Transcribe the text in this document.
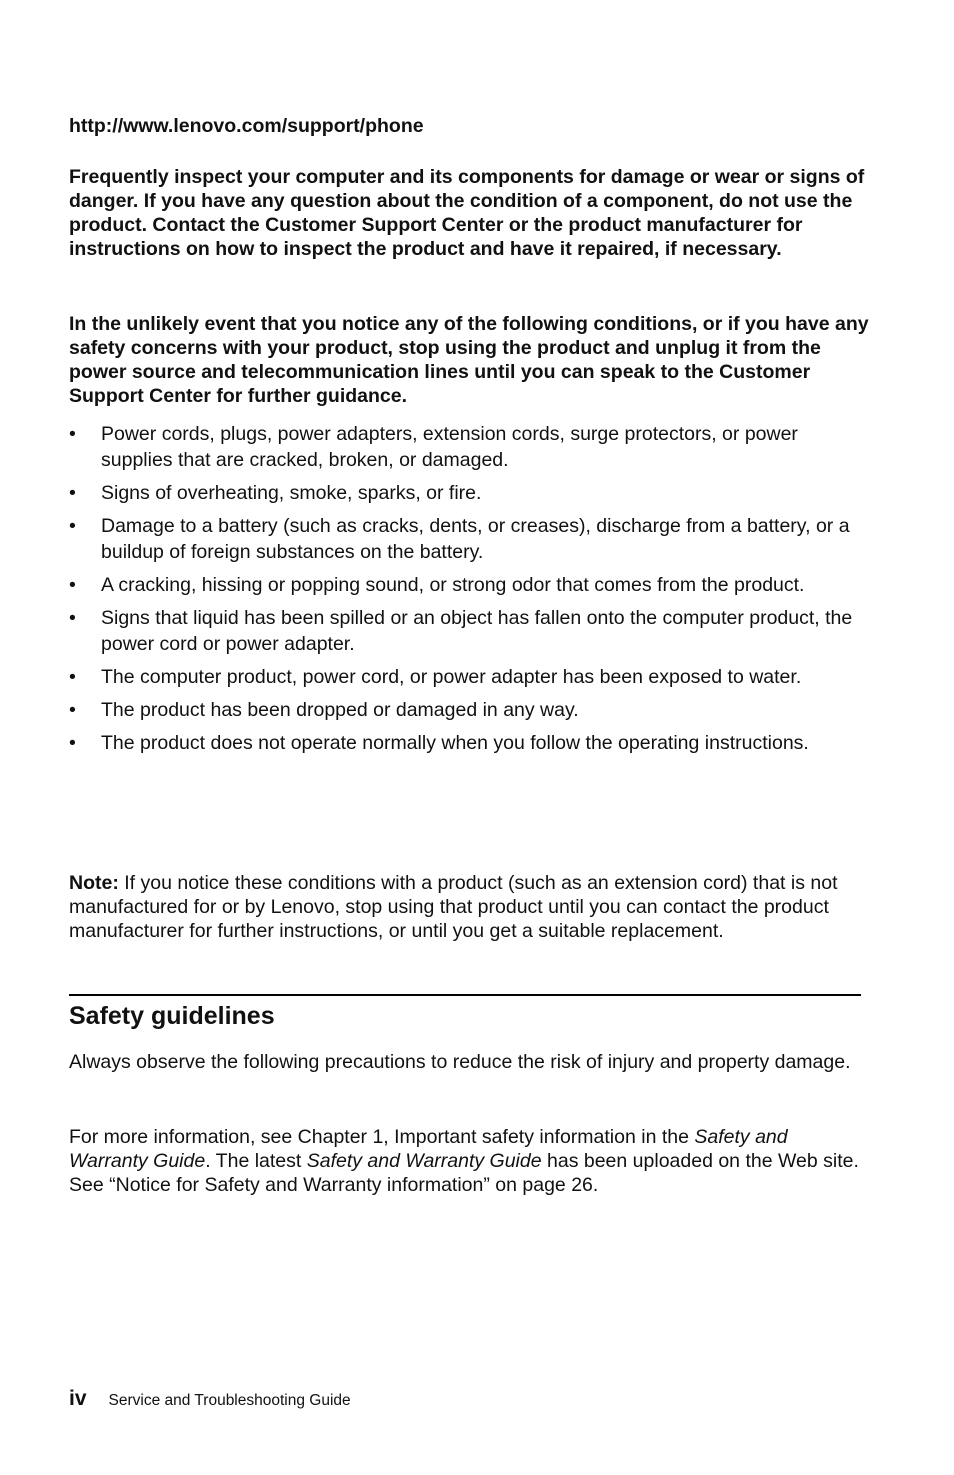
http://www.lenovo.com/support/phone
Frequently inspect your computer and its components for damage or wear or signs of danger. If you have any question about the condition of a component, do not use the product. Contact the Customer Support Center or the product manufacturer for instructions on how to inspect the product and have it repaired, if necessary.
In the unlikely event that you notice any of the following conditions, or if you have any safety concerns with your product, stop using the product and unplug it from the power source and telecommunication lines until you can speak to the Customer Support Center for further guidance.
• Power cords, plugs, power adapters, extension cords, surge protectors, or power supplies that are cracked, broken, or damaged.
• Signs of overheating, smoke, sparks, or fire.
• Damage to a battery (such as cracks, dents, or creases), discharge from a battery, or a buildup of foreign substances on the battery.
• A cracking, hissing or popping sound, or strong odor that comes from the product.
• Signs that liquid has been spilled or an object has fallen onto the computer product, the power cord or power adapter.
• The computer product, power cord, or power adapter has been exposed to water.
• The product has been dropped or damaged in any way.
• The product does not operate normally when you follow the operating instructions.
Note: If you notice these conditions with a product (such as an extension cord) that is not manufactured for or by Lenovo, stop using that product until you can contact the product manufacturer for further instructions, or until you get a suitable replacement.
Safety guidelines
Always observe the following precautions to reduce the risk of injury and property damage.
For more information, see Chapter 1, Important safety information in the Safety and Warranty Guide. The latest Safety and Warranty Guide has been uploaded on the Web site. See “Notice for Safety and Warranty information” on page 26.
iv Service and Troubleshooting Guide
